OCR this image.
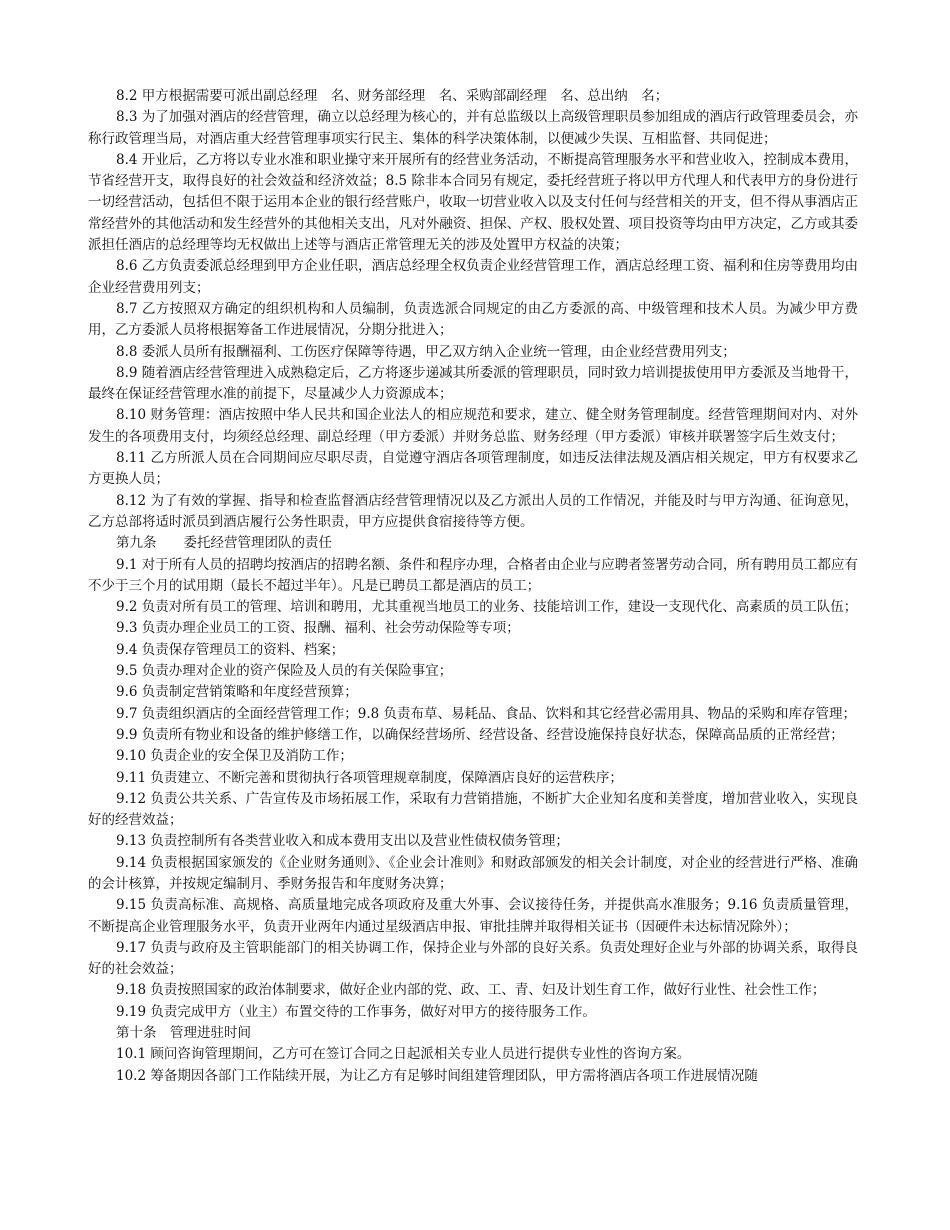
8.2 甲方根据需要可派出副总经理　名、财务部经理　名、采购部副经理　名、总出纳　名；

8.3 为了加强对酒店的经营管理，确立以总经理为核心的，并有总监级以上高级管理职员参加组成的酒店行政管理委员会，亦称行政管理当局，对酒店重大经营管理事项实行民主、集体的科学决策体制，以便减少失误、互相监督、共同促进；

8.4 开业后，乙方将以专业水准和职业操守来开展所有的经营业务活动，不断提高管理服务水平和营业收入，控制成本费用，节省经营开支，取得良好的社会效益和经济效益；8.5 除非本合同另有规定，委托经营班子将以甲方代理人和代表甲方的身份进行一切经营活动，包括但不限于运用本企业的银行经营账户，收取一切营业收入以及支付任何与经营相关的开支，但不得从事酒店正常经营外的其他活动和发生经营外的其他相关支出，凡对外融资、担保、产权、股权处置、项目投资等均由甲方决定，乙方或其委派担任酒店的总经理等均无权做出上述等与酒店正常管理无关的涉及处置甲方权益的决策；

8.6 乙方负责委派总经理到甲方企业任职，酒店总经理全权负责企业经营管理工作，酒店总经理工资、福利和住房等费用均由企业经营费用列支；

8.7 乙方按照双方确定的组织机构和人员编制，负责选派合同规定的由乙方委派的高、中级管理和技术人员。为减少甲方费用，乙方委派人员将根据筹备工作进展情况，分期分批进入；

8.8 委派人员所有报酬福利、工伤医疗保障等待遇，甲乙双方纳入企业统一管理，由企业经营费用列支；

8.9 随着酒店经营管理进入成熟稳定后，乙方将逐步递减其所委派的管理职员，同时致力培训提拔使用甲方委派及当地骨干，最终在保证经营管理水准的前提下，尽量减少人力资源成本；

8.10 财务管理：酒店按照中华人民共和国企业法人的相应规范和要求，建立、健全财务管理制度。经营管理期间对内、对外发生的各项费用支付，均须经总经理、副总经理（甲方委派）并财务总监、财务经理（甲方委派）审核并联署签字后生效支付；

8.11 乙方所派人员在合同期间应尽职尽责，自觉遵守酒店各项管理制度，如违反法律法规及酒店相关规定，甲方有权要求乙方更换人员；

8.12 为了有效的掌握、指导和检查监督酒店经营管理情况以及乙方派出人员的工作情况，并能及时与甲方沟通、征询意见，乙方总部将适时派员到酒店履行公务性职责，甲方应提供食宿接待等方便。

第九条　　委托经营管理团队的责任

9.1 对于所有人员的招聘均按酒店的招聘名额、条件和程序办理，合格者由企业与应聘者签署劳动合同，所有聘用员工都应有不少于三个月的试用期（最长不超过半年）。凡是已聘员工都是酒店的员工；

9.2 负责对所有员工的管理、培训和聘用，尤其重视当地员工的业务、技能培训工作，建设一支现代化、高素质的员工队伍；

9.3 负责办理企业员工的工资、报酬、福利、社会劳动保险等专项；

9.4 负责保存管理员工的资料、档案；

9.5 负责办理对企业的资产保险及人员的有关保险事宜；

9.6 负责制定营销策略和年度经营预算；

9.7 负责组织酒店的全面经营管理工作；9.8 负责布草、易耗品、食品、饮料和其它经营必需用具、物品的采购和库存管理；

9.9 负责所有物业和设备的维护修缮工作，以确保经营场所、经营设备、经营设施保持良好状态，保障高品质的正常经营；

9.10 负责企业的安全保卫及消防工作；

9.11 负责建立、不断完善和贯彻执行各项管理规章制度，保障酒店良好的运营秩序；

9.12 负责公共关系、广告宣传及市场拓展工作，采取有力营销措施，不断扩大企业知名度和美誉度，增加营业收入，实现良好的经营效益；

9.13 负责控制所有各类营业收入和成本费用支出以及营业性债权债务管理；

9.14 负责根据国家颁发的《企业财务通则》、《企业会计准则》和财政部颁发的相关会计制度，对企业的经营进行严格、准确的会计核算，并按规定编制月、季财务报告和年度财务决算；

9.15 负责高标准、高规格、高质量地完成各项政府及重大外事、会议接待任务，并提供高水准服务；9.16 负责质量管理，不断提高企业管理服务水平，负责开业两年内通过星级酒店申报、审批挂牌并取得相关证书（因硬件未达标情况除外）；

9.17 负责与政府及主管职能部门的相关协调工作，保持企业与外部的良好关系。负责处理好企业与外部的协调关系，取得良好的社会效益；

9.18 负责按照国家的政治体制要求，做好企业内部的党、政、工、青、妇及计划生育工作，做好行业性、社会性工作；

9.19 负责完成甲方（业主）布置交待的工作事务，做好对甲方的接待服务工作。

第十条　管理进驻时间

10.1 顾问咨询管理期间，乙方可在签订合同之日起派相关专业人员进行提供专业性的咨询方案。

10.2 筹备期因各部门工作陆续开展，为让乙方有足够时间组建管理团队，甲方需将酒店各项工作进展情况随
